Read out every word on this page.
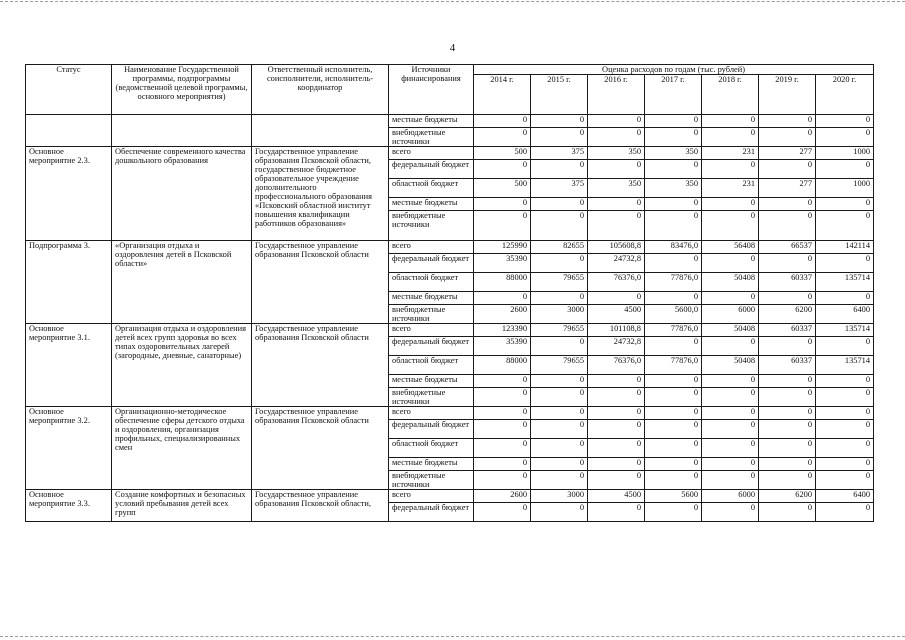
4
Статус	Наименование Государственной программы, подпрограммы (ведомственной целевой программы, основного мероприятия)	Ответственный исполнитель, соисполнители, исполнитель-координатор	Источники финансирования	Оценка расходов по годам (тыс. рублей)						
				2014 г.	2015 г.	2016 г.	2017 г.	2018 г.	2019 г.	2020 г.
			местные бюджеты	0	0	0	0	0	0	0
			внебюджетные источники	0	0	0	0	0	0	0
Основное мероприятие 2.3.	Обеспечение современного качества дошкольного образования	Государственное управление образования Псковской области, государственное бюджетное образовательное учреждение дополнительного профессионального образования «Псковский областной институт повышения квалификации работников образования»	всего	500	375	350	350	231	277	1000
			федеральный бюджет	0	0	0	0	0	0	0
			областной бюджет	500	375	350	350	231	277	1000
			местные бюджеты	0	0	0	0	0	0	0
			внебюджетные источники	0	0	0	0	0	0	0
Подпрограмма 3.	«Организация отдыха и оздоровления детей в Псковской области»	Государственное управление образования Псковской области	всего	125990	82655	105608,8	83476,0	56408	66537	142114
			федеральный бюджет	35390	0	24732,8	0	0	0	0
			областной бюджет	88000	79655	76376,0	77876,0	50408	60337	135714
			местные бюджеты	0	0	0	0	0	0	0
			внебюджетные источники	2600	3000	4500	5600,0	6000	6200	6400
Основное мероприятие 3.1.	Организация отдыха и оздоровления детей всех групп здоровья во всех типах оздоровительных лагерей (загородные, дневные, санаторные)	Государственное управление образования Псковской области	всего	123390	79655	101108,8	77876,0	50408	60337	135714
			федеральный бюджет	35390	0	24732,8	0	0	0	0
			областной бюджет	88000	79655	76376,0	77876,0	50408	60337	135714
			местные бюджеты	0	0	0	0	0	0	0
			внебюджетные источники	0	0	0	0	0	0	0
Основное мероприятие 3.2.	Организационно-методическое обеспечение сферы детского отдыха и оздоровления, организация профильных, специализированных смен	Государственное управление образования Псковской области	всего	0	0	0	0	0	0	0
			федеральный бюджет	0	0	0	0	0	0	0
			областной бюджет	0	0	0	0	0	0	0
			местные бюджеты	0	0	0	0	0	0	0
			внебюджетные источники	0	0	0	0	0	0	0
Основное мероприятие 3.3.	Создание комфортных и безопасных условий пребывания детей всех групп	Государственное управление образования Псковской области,	всего	2600	3000	4500	5600	6000	6200	6400
			федеральный бюджет	0	0	0	0	0	0	0
